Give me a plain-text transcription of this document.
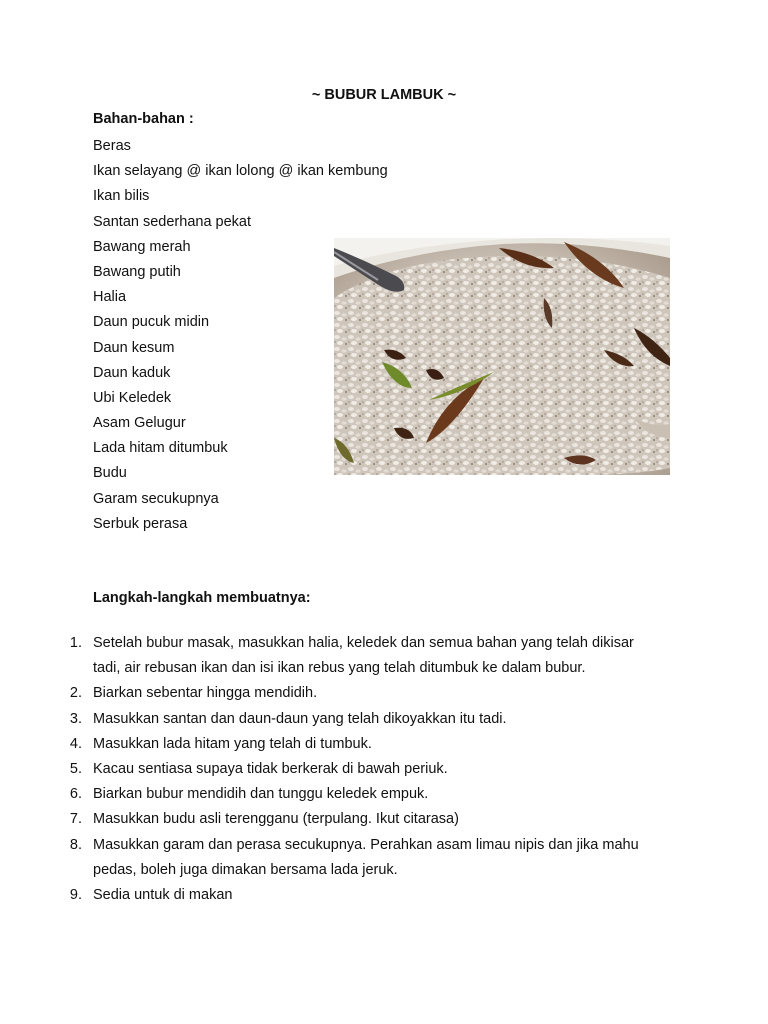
~ BUBUR LAMBUK ~
Bahan-bahan :
Beras
Ikan selayang @ ikan lolong @ ikan kembung
Ikan bilis
Santan sederhana pekat
Bawang merah
Bawang putih
Halia
Daun pucuk midin
Daun kesum
Daun kaduk
Ubi Keledek
Asam Gelugur
Lada hitam ditumbuk
Budu
Garam secukupnya
Serbuk perasa
Langkah-langkah membuatnya:
1. Setelah bubur masak, masukkan halia, keledek dan semua bahan yang telah dikisar tadi, air rebusan ikan dan isi ikan rebus yang telah ditumbuk ke dalam bubur.
2. Biarkan sebentar hingga mendidih.
3. Masukkan santan dan daun-daun yang telah dikoyakkan itu tadi.
4. Masukkan lada hitam yang telah di tumbuk.
5. Kacau sentiasa supaya tidak berkerak di bawah periuk.
6. Biarkan bubur mendidih dan tunggu keledek empuk.
7. Masukkan budu asli terengganu (terpulang. Ikut citarasa)
8. Masukkan garam dan perasa secukupnya. Perahkan asam limau nipis dan jika mahu pedas, boleh juga dimakan bersama lada jeruk.
9. Sedia untuk di makan
